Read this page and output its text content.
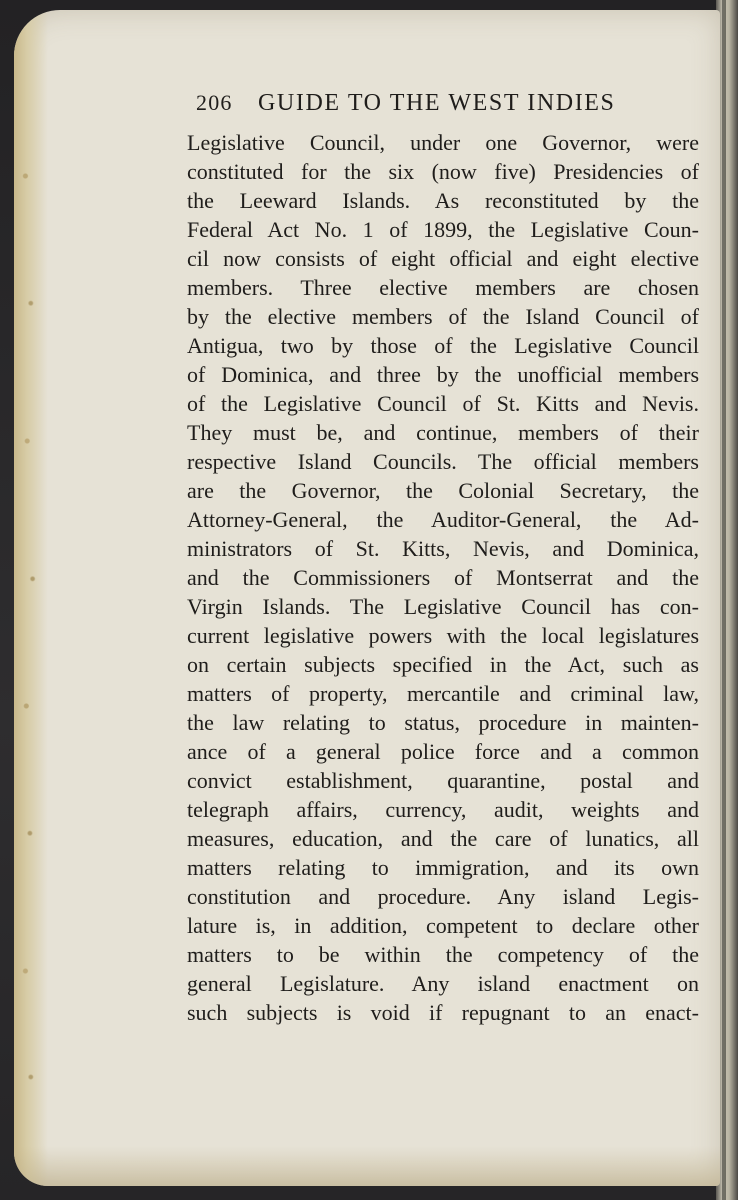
206 GUIDE TO THE WEST INDIES
Legislative Council, under one Governor, were
constituted for the six (now five) Presidencies of
the Leeward Islands. As reconstituted by the
Federal Act No. 1 of 1899, the Legislative Coun-
cil now consists of eight official and eight elective
members. Three elective members are chosen
by the elective members of the Island Council of
Antigua, two by those of the Legislative Council
of Dominica, and three by the unofficial members
of the Legislative Council of St. Kitts and Nevis.
They must be, and continue, members of their
respective Island Councils. The official members
are the Governor, the Colonial Secretary, the
Attorney-General, the Auditor-General, the Ad-
ministrators of St. Kitts, Nevis, and Dominica,
and the Commissioners of Montserrat and the
Virgin Islands. The Legislative Council has con-
current legislative powers with the local legislatures
on certain subjects specified in the Act, such as
matters of property, mercantile and criminal law,
the law relating to status, procedure in mainten-
ance of a general police force and a common
convict establishment, quarantine, postal and
telegraph affairs, currency, audit, weights and
measures, education, and the care of lunatics, all
matters relating to immigration, and its own
constitution and procedure. Any island Legis-
lature is, in addition, competent to declare other
matters to be within the competency of the
general Legislature. Any island enactment on
such subjects is void if repugnant to an enact-
